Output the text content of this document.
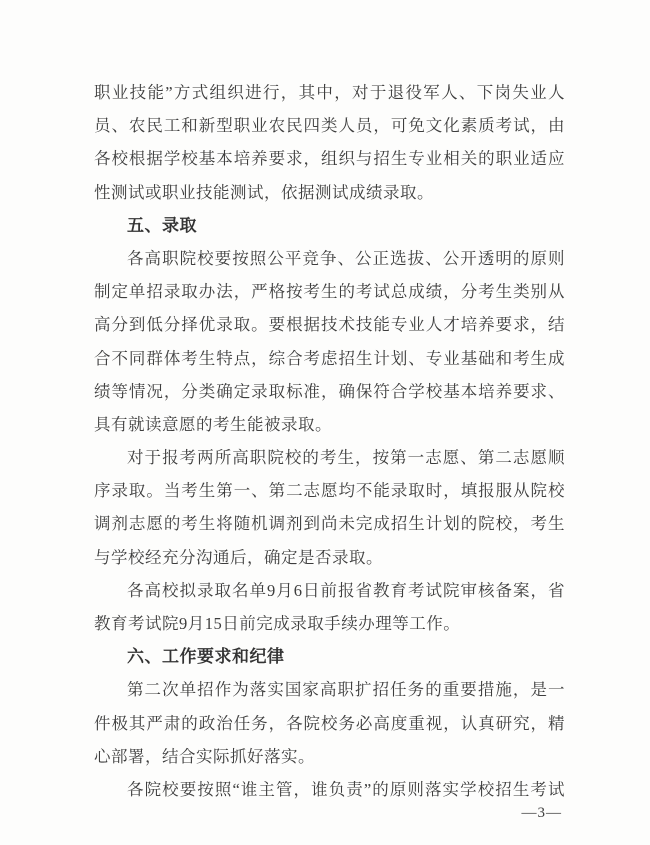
职业技能”方式组织进行，其中，对于退役军人、下岗失业人
员、农民工和新型职业农民四类人员，可免文化素质考试，由
各校根据学校基本培养要求，组织与招生专业相关的职业适应
性测试或职业技能测试，依据测试成绩录取。
五、录取
各高职院校要按照公平竞争、公正选拔、公开透明的原则
制定单招录取办法，严格按考生的考试总成绩，分考生类别从
高分到低分择优录取。要根据技术技能专业人才培养要求，结
合不同群体考生特点，综合考虑招生计划、专业基础和考生成
绩等情况，分类确定录取标准，确保符合学校基本培养要求、
具有就读意愿的考生能被录取。
对于报考两所高职院校的考生，按第一志愿、第二志愿顺
序录取。当考生第一、第二志愿均不能录取时，填报服从院校
调剂志愿的考生将随机调剂到尚未完成招生计划的院校，考生
与学校经充分沟通后，确定是否录取。
各高校拟录取名单9月6日前报省教育考试院审核备案，省
教育考试院9月15日前完成录取手续办理等工作。
六、工作要求和纪律
第二次单招作为落实国家高职扩招任务的重要措施，是一
件极其严肃的政治任务，各院校务必高度重视，认真研究，精
心部署，结合实际抓好落实。
各院校要按照“谁主管，谁负责”的原则落实学校招生考试
—3—
